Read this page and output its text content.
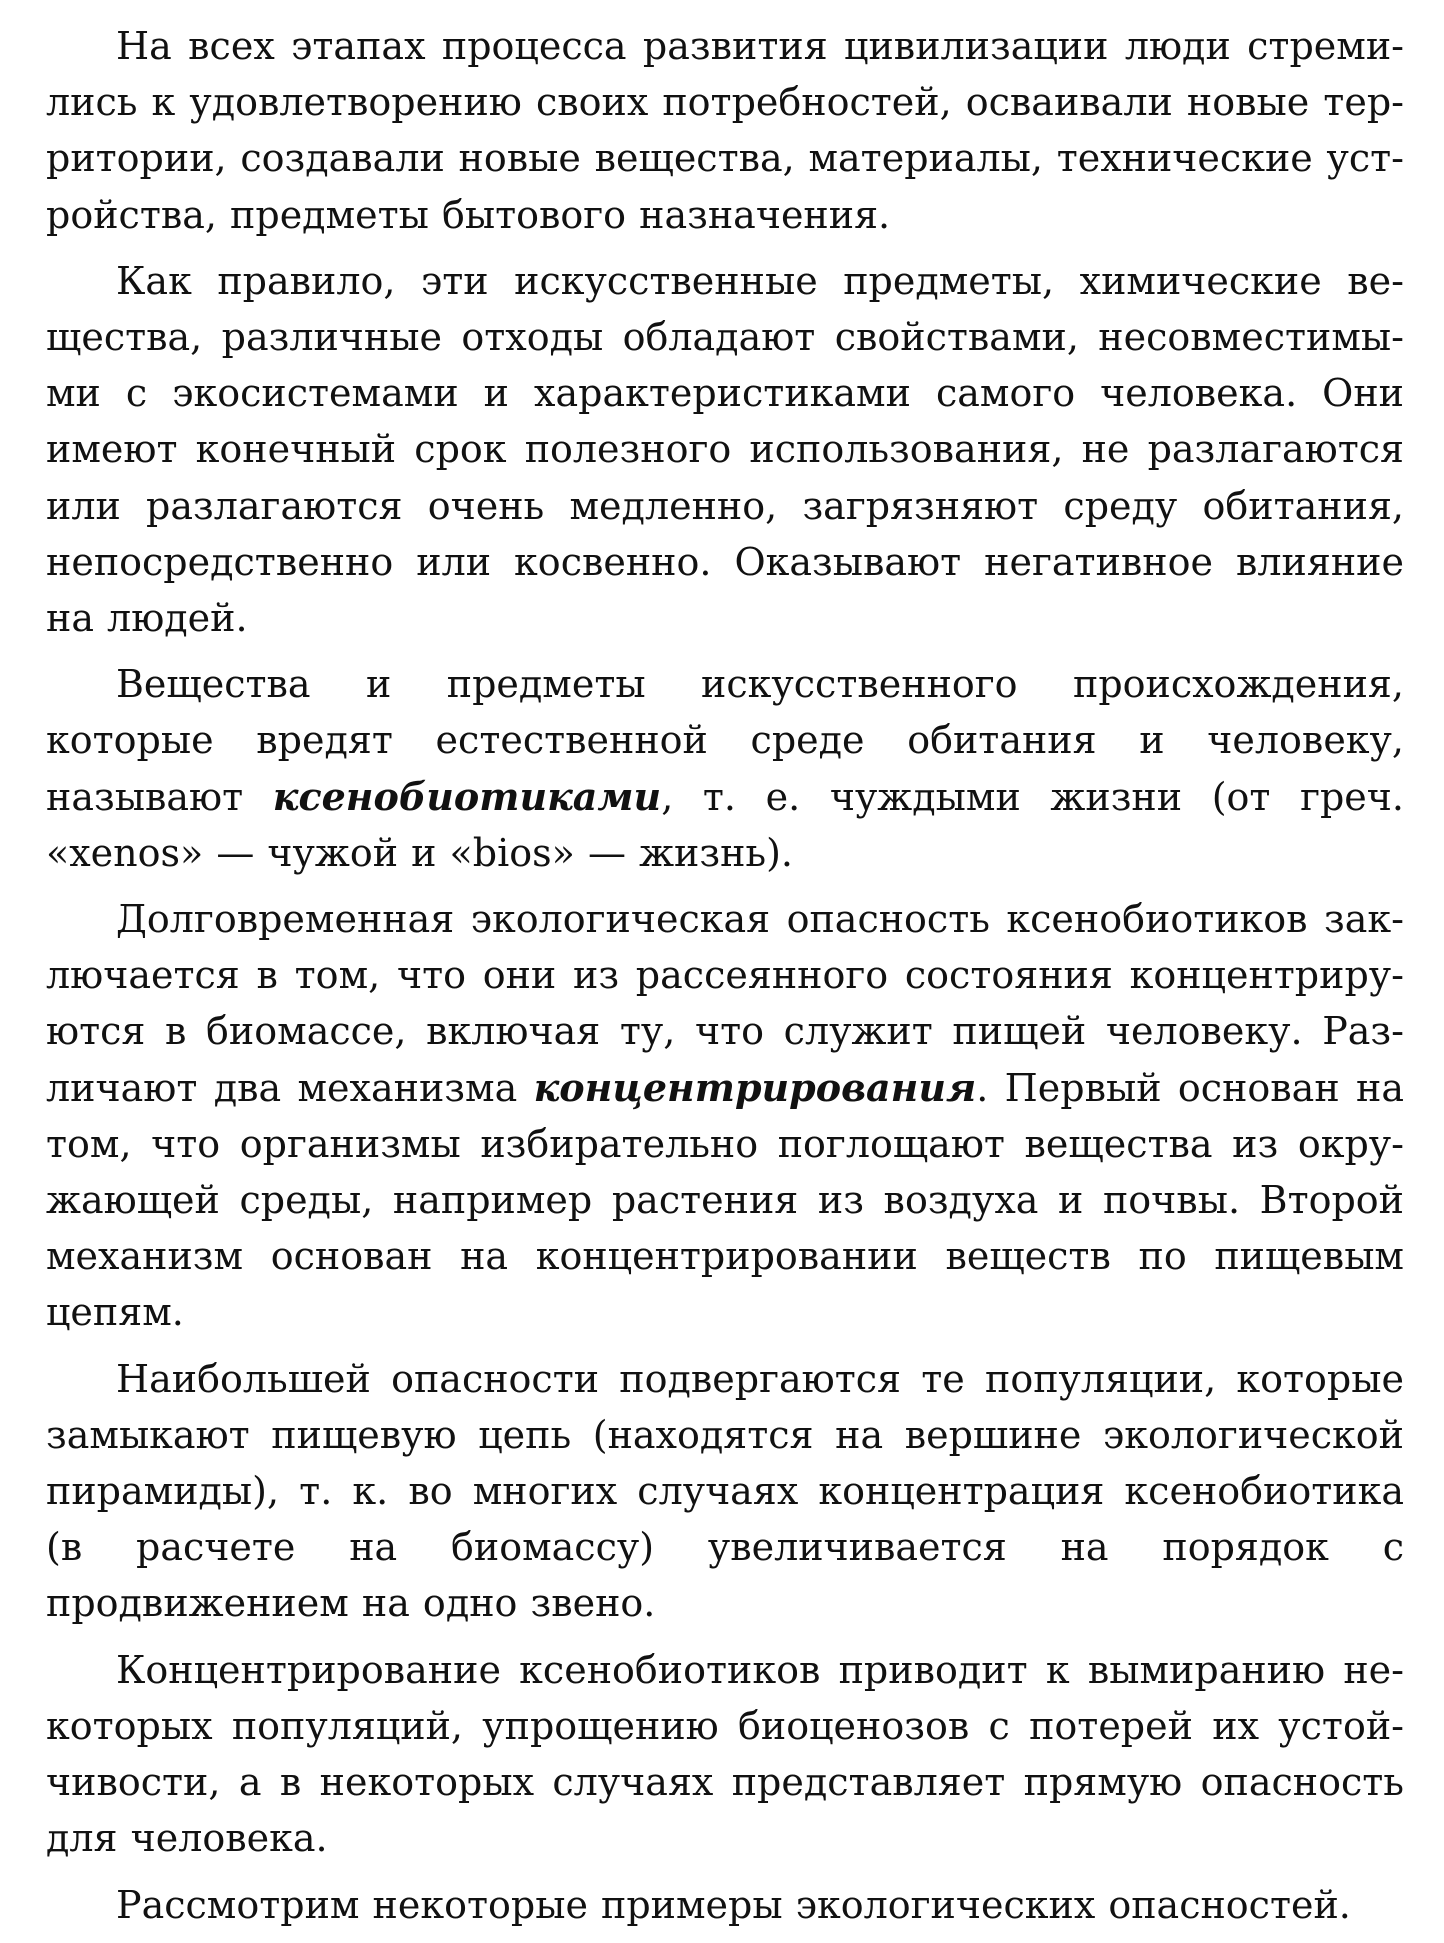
На всех этапах процесса развития цивилизации люди стремились к удовлетворению своих потребностей, осваивали новые территории, создавали новые вещества, материалы, технические устройства, предметы бытового назначения.

Как правило, эти искусственные предметы, химические вещества, различные отходы обладают свойствами, несовместимыми с экосистемами и характеристиками самого человека. Они имеют конечный срок полезного использования, не разлагаются или разлагаются очень медленно, загрязняют среду обитания, непосредственно или косвенно. Оказывают негативное влияние на людей.

Вещества и предметы искусственного происхождения, которые вредят естественной среде обитания и человеку, называют ксенобиотиками, т. е. чуждыми жизни (от греч. «xenos» — чужой и «bios» — жизнь).

Долговременная экологическая опасность ксенобиотиков заключается в том, что они из рассеянного состояния концентрируются в биомассе, включая ту, что служит пищей человеку. Различают два механизма концентрирования. Первый основан на том, что организмы избирательно поглощают вещества из окружающей среды, например растения из воздуха и почвы. Второй механизм основан на концентрировании веществ по пищевым цепям.

Наибольшей опасности подвергаются те популяции, которые замыкают пищевую цепь (находятся на вершине экологической пирамиды), т. к. во многих случаях концентрация ксенобиотика (в расчете на биомассу) увеличивается на порядок с продвижением на одно звено.

Концентрирование ксенобиотиков приводит к вымиранию некоторых популяций, упрощению биоценозов с потерей их устойчивости, а в некоторых случаях представляет прямую опасность для человека.

Рассмотрим некоторые примеры экологических опасностей.
